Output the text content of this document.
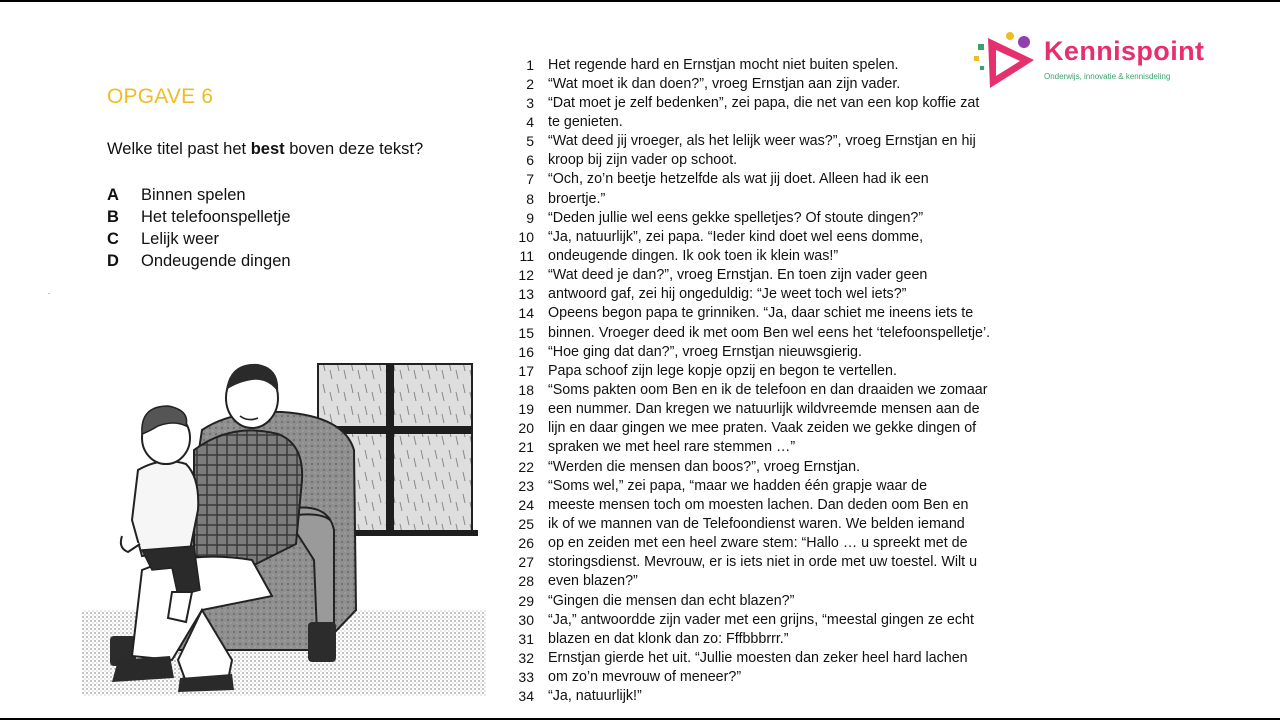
OPGAVE 6

Welke titel past het best boven deze tekst?

A	Binnen spelen
B	Het telefoonspelletje
C	Lelijk weer
D	Ondeugende dingen
1 Het regende hard en Ernstjan mocht niet buiten spelen.
2 “Wat moet ik dan doen?”, vroeg Ernstjan aan zijn vader.
3 “Dat moet je zelf bedenken”, zei papa, die net van een kop koffie zat
4 te genieten.
5 “Wat deed jij vroeger, als het lelijk weer was?”, vroeg Ernstjan en hij
6 kroop bij zijn vader op schoot.
7 “Och, zo’n beetje hetzelfde als wat jij doet. Alleen had ik een
8 broertje.”
9 “Deden jullie wel eens gekke spelletjes? Of stoute dingen?”
10 “Ja, natuurlijk”, zei papa. “Ieder kind doet wel eens domme,
11 ondeugende dingen. Ik ook toen ik klein was!”
12 “Wat deed je dan?”, vroeg Ernstjan. En toen zijn vader geen
13 antwoord gaf, zei hij ongeduldig: “Je weet toch wel iets?”
14 Opeens begon papa te grinniken. “Ja, daar schiet me ineens iets te
15 binnen. Vroeger deed ik met oom Ben wel eens het ‘telefoonspelletje’.
16 “Hoe ging dat dan?”, vroeg Ernstjan nieuwsgierig.
17 Papa schoof zijn lege kopje opzij en begon te vertellen.
18 “Soms pakten oom Ben en ik de telefoon en dan draaiden we zomaar
19 een nummer. Dan kregen we natuurlijk wildvreemde mensen aan de
20 lijn en daar gingen we mee praten. Vaak zeiden we gekke dingen of
21 spraken we met heel rare stemmen …”
22 “Werden die mensen dan boos?”, vroeg Ernstjan.
23 “Soms wel,” zei papa, “maar we hadden één grapje waar de
24 meeste mensen toch om moesten lachen. Dan deden oom Ben en
25 ik of we mannen van de Telefoondienst waren. We belden iemand
26 op en zeiden met een heel zware stem: “Hallo … u spreekt met de
27 storingsdienst. Mevrouw, er is iets niet in orde met uw toestel. Wilt u
28 even blazen?”
29 “Gingen die mensen dan echt blazen?”
30 “Ja,” antwoordde zijn vader met een grijns, “meestal gingen ze echt
31 blazen en dat klonk dan zo: Fffbbbrrr.”
32 Ernstjan gierde het uit. “Jullie moesten dan zeker heel hard lachen
33 om zo’n mevrouw of meneer?”
34 “Ja, natuurlijk!”

Kennispoint

Onderwijs, innovatie & kennisdeling
